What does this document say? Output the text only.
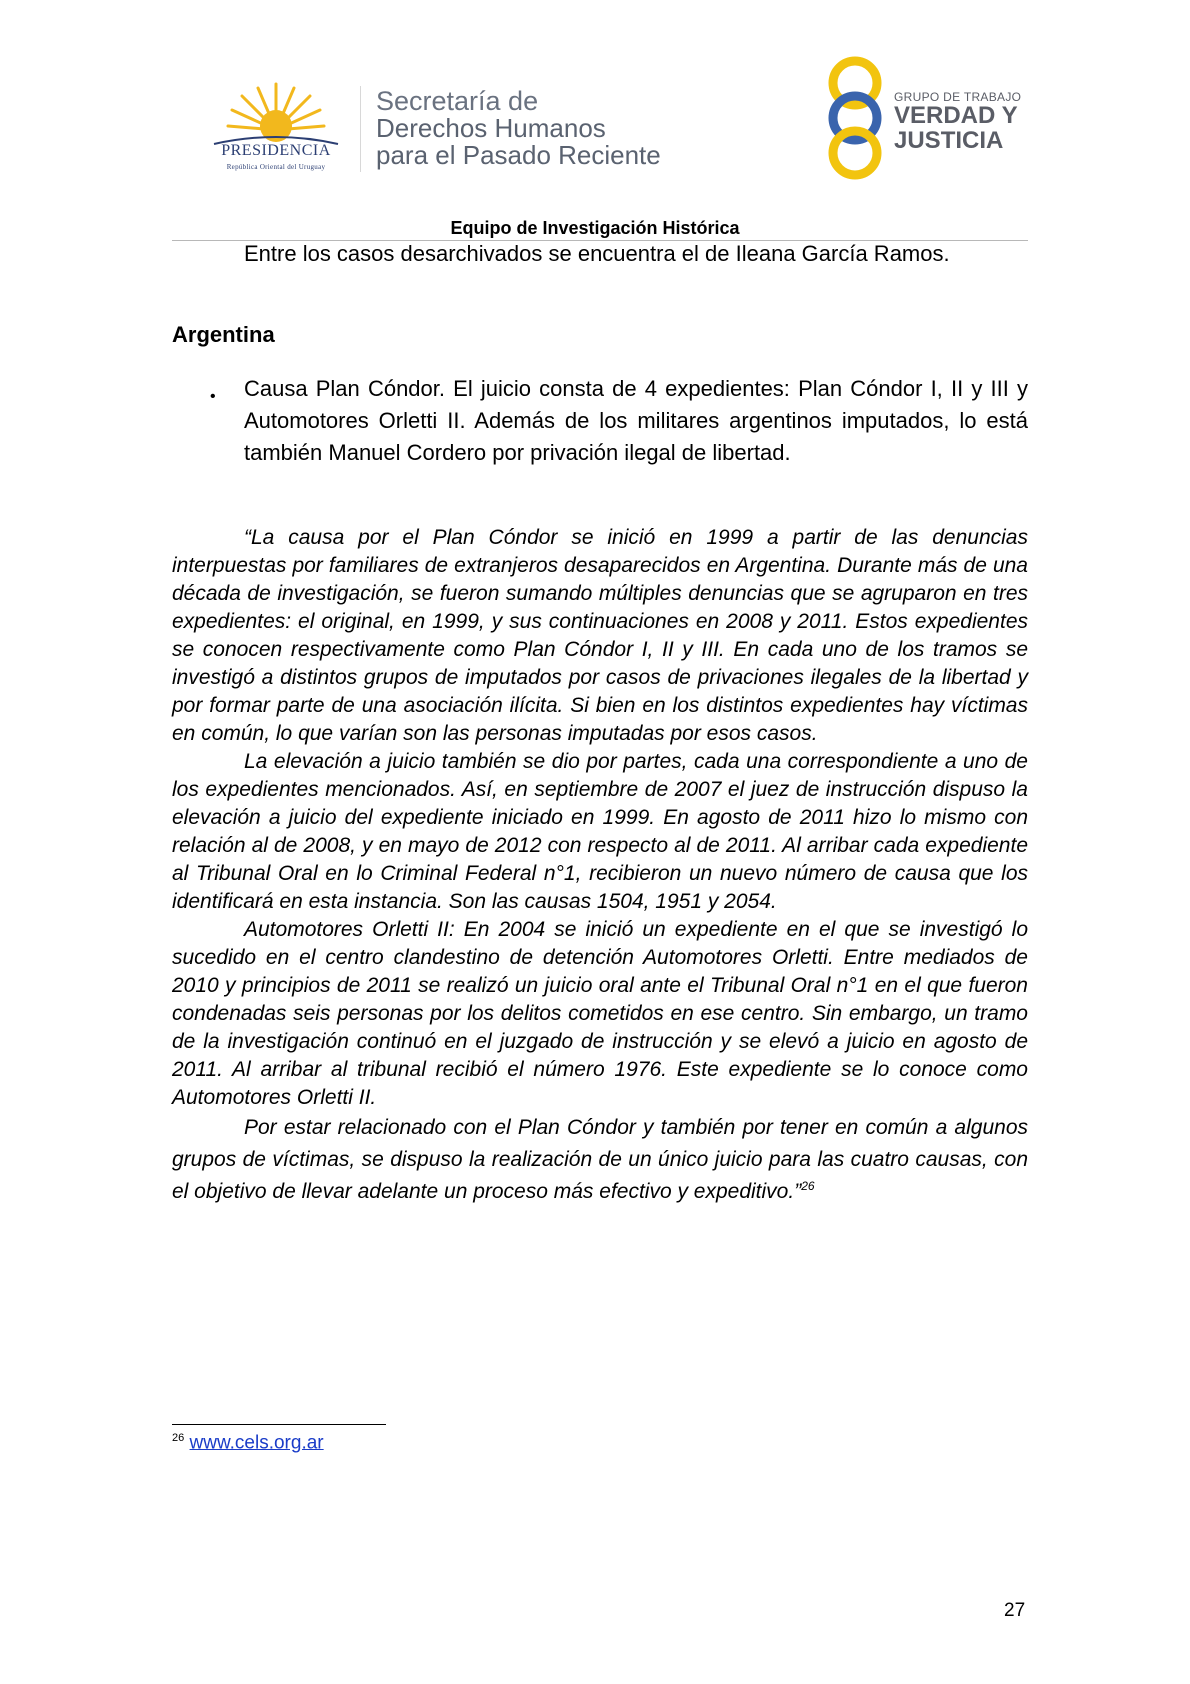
PRESIDENCIA
República Oriental del Uruguay
Secretaría de
Derechos Humanos
para el Pasado Reciente
GRUPO DE TRABAJO
VERDAD Y
JUSTICIA
Equipo de Investigación Histórica
Entre los casos desarchivados se encuentra el de Ileana García Ramos.
Argentina
• Causa Plan Cóndor. El juicio consta de 4 expedientes: Plan Cóndor I, II y III y Automotores Orletti II. Además de los militares argentinos imputados, lo está también Manuel Cordero por privación ilegal de libertad.

“La causa por el Plan Cóndor se inició en 1999 a partir de las denuncias interpuestas por familiares de extranjeros desaparecidos en Argentina. Durante más de una década de investigación, se fueron sumando múltiples denuncias que se agruparon en tres expedientes: el original, en 1999, y sus continuaciones en 2008 y 2011. Estos expedientes se conocen respectivamente como Plan Cóndor I, II y III. En cada uno de los tramos se investigó a distintos grupos de imputados por casos de privaciones ilegales de la libertad y por formar parte de una asociación ilícita. Si bien en los distintos expedientes hay víctimas en común, lo que varían son las personas imputadas por esos casos.

La elevación a juicio también se dio por partes, cada una correspondiente a uno de los expedientes mencionados. Así, en septiembre de 2007 el juez de instrucción dispuso la elevación a juicio del expediente iniciado en 1999. En agosto de 2011 hizo lo mismo con relación al de 2008, y en mayo de 2012 con respecto al de 2011. Al arribar cada expediente al Tribunal Oral en lo Criminal Federal n°1, recibieron un nuevo número de causa que los identificará en esta instancia. Son las causas 1504, 1951 y 2054.

Automotores Orletti II: En 2004 se inició un expediente en el que se investigó lo sucedido en el centro clandestino de detención Automotores Orletti. Entre mediados de 2010 y principios de 2011 se realizó un juicio oral ante el Tribunal Oral n°1 en el que fueron condenadas seis personas por los delitos cometidos en ese centro. Sin embargo, un tramo de la investigación continuó en el juzgado de instrucción y se elevó a juicio en agosto de 2011. Al arribar al tribunal recibió el número 1976. Este expediente se lo conoce como Automotores Orletti II.

Por estar relacionado con el Plan Cóndor y también por tener en común a algunos grupos de víctimas, se dispuso la realización de un único juicio para las cuatro causas, con el objetivo de llevar adelante un proceso más efectivo y expeditivo.”$^{26}$

$^{26}$ www.cels.org.ar
27
